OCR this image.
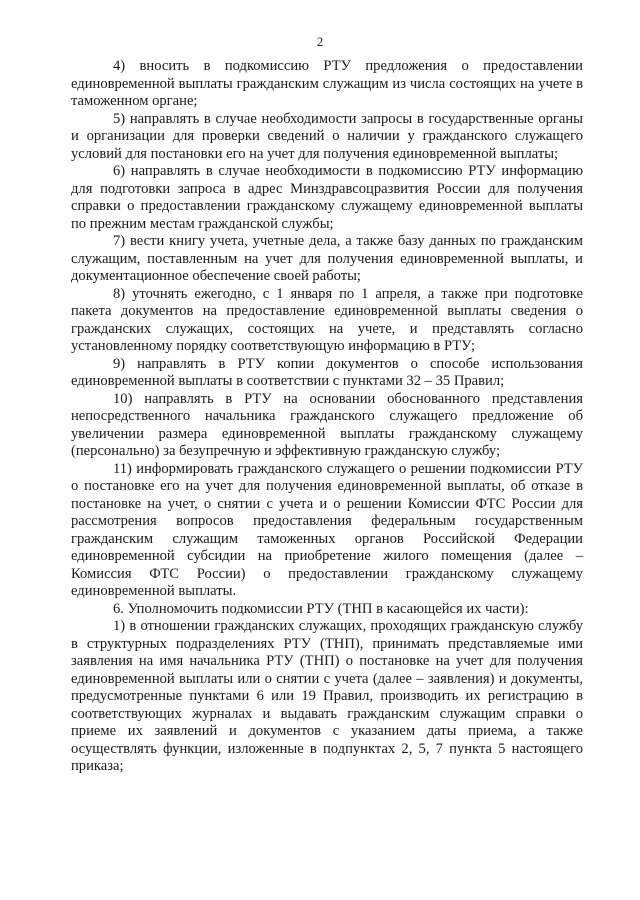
2

4) вносить в подкомиссию РТУ предложения о предоставлении единовременной выплаты гражданским служащим из числа состоящих на учете в таможенном органе;

5) направлять в случае необходимости запросы в государственные органы и организации для проверки сведений о наличии у гражданского служащего условий для постановки его на учет для получения единовременной выплаты;

6) направлять в случае необходимости в подкомиссию РТУ информацию для подготовки запроса в адрес Минздравсоцразвития России для получения справки о предоставлении гражданскому служащему единовременной выплаты по прежним местам гражданской службы;

7) вести книгу учета, учетные дела, а также базу данных по гражданским служащим, поставленным на учет для получения единовременной выплаты, и документационное обеспечение своей работы;

8) уточнять ежегодно, с 1 января по 1 апреля, а также при подготовке пакета документов на предоставление единовременной выплаты сведения о гражданских служащих, состоящих на учете, и представлять согласно установленному порядку соответствующую информацию в РТУ;

9) направлять в РТУ копии документов о способе использования единовременной выплаты в соответствии с пунктами 32 – 35 Правил;

10) направлять в РТУ на основании обоснованного представления непосредственного начальника гражданского служащего предложение об увеличении размера единовременной выплаты гражданскому служащему (персонально) за безупречную и эффективную гражданскую службу;

11) информировать гражданского служащего о решении подкомиссии РТУ о постановке его на учет для получения единовременной выплаты, об отказе в постановке на учет, о снятии с учета и о решении Комиссии ФТС России для рассмотрения вопросов предоставления федеральным государственным гражданским служащим таможенных органов Российской Федерации единовременной субсидии на приобретение жилого помещения (далее – Комиссия ФТС России) о предоставлении гражданскому служащему единовременной выплаты.

6. Уполномочить подкомиссии РТУ (ТНП в касающейся их части):

1) в отношении гражданских служащих, проходящих гражданскую службу в структурных подразделениях РТУ (ТНП), принимать представляемые ими заявления на имя начальника РТУ (ТНП) о постановке на учет для получения единовременной выплаты или о снятии с учета (далее – заявления) и документы, предусмотренные пунктами 6 или 19 Правил, производить их регистрацию в соответствующих журналах и выдавать гражданским служащим справки о приеме их заявлений и документов с указанием даты приема, а также осуществлять функции, изложенные в подпунктах 2, 5, 7 пункта 5 настоящего приказа;
